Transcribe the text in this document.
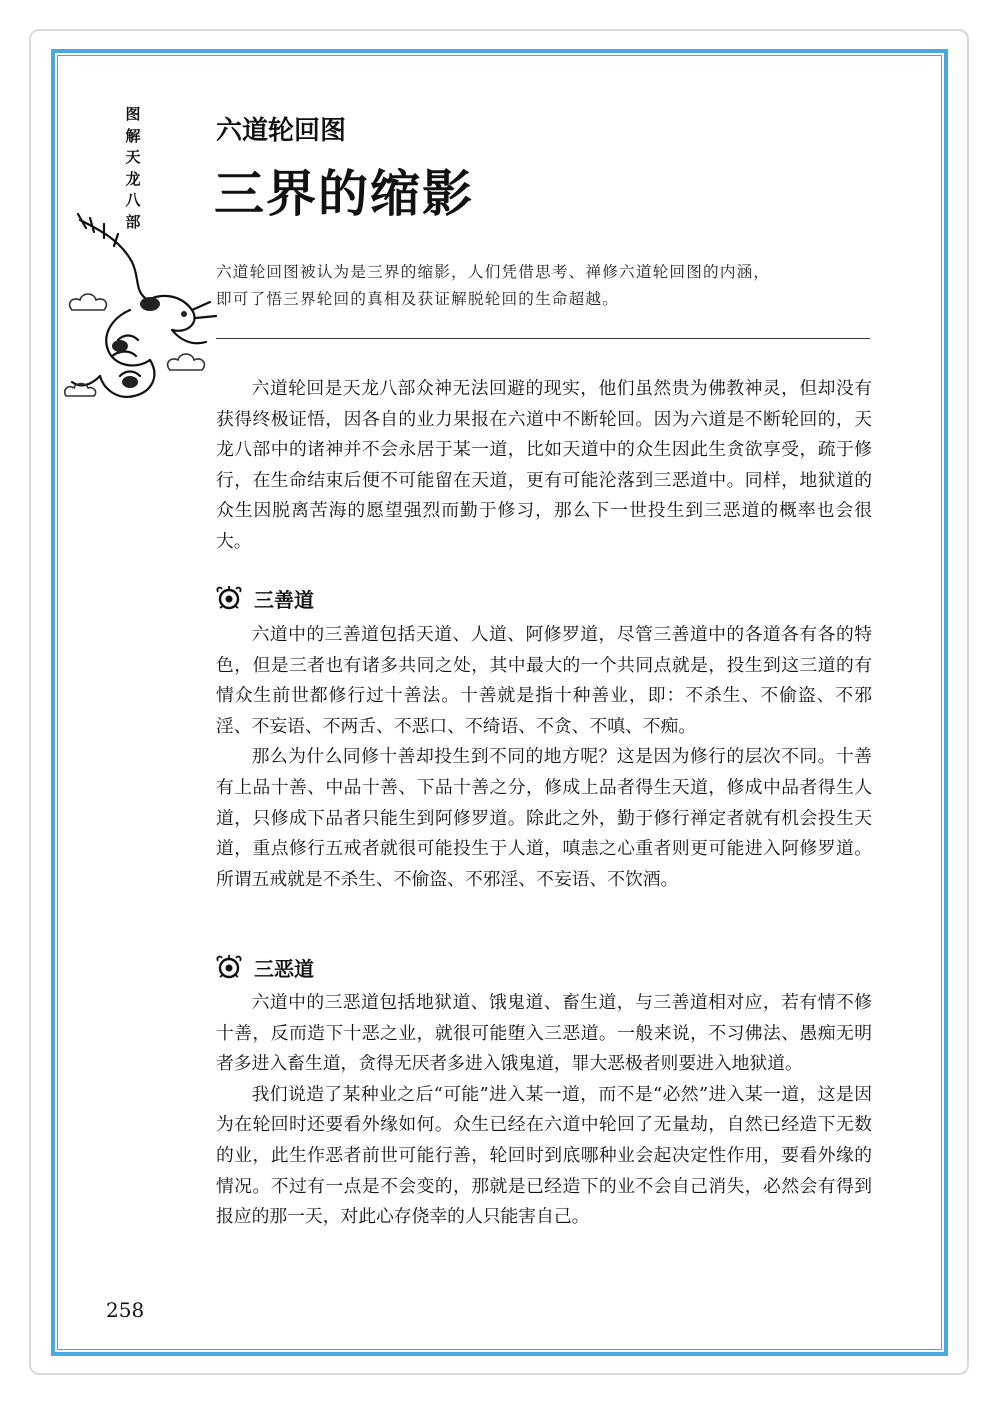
图
解
天
龙
八
部
六道轮回图
三界的缩影
六道轮回图被认为是三界的缩影，人们凭借思考、禅修六道轮回图的内涵，
即可了悟三界轮回的真相及获证解脱轮回的生命超越。

六道轮回是天龙八部众神无法回避的现实，他们虽然贵为佛教神灵，但却没有获得终极证悟，因各自的业力果报在六道中不断轮回。因为六道是不断轮回的，天龙八部中的诸神并不会永居于某一道，比如天道中的众生因此生贪欲享受，疏于修行，在生命结束后便不可能留在天道，更有可能沦落到三恶道中。同样，地狱道的众生因脱离苦海的愿望强烈而勤于修习，那么下一世投生到三恶道的概率也会很大。

三善道

六道中的三善道包括天道、人道、阿修罗道，尽管三善道中的各道各有各的特色，但是三者也有诸多共同之处，其中最大的一个共同点就是，投生到这三道的有情众生前世都修行过十善法。十善就是指十种善业，即：不杀生、不偷盗、不邪淫、不妄语、不两舌、不恶口、不绮语、不贪、不嗔、不痴。

那么为什么同修十善却投生到不同的地方呢？这是因为修行的层次不同。十善有上品十善、中品十善、下品十善之分，修成上品者得生天道，修成中品者得生人道，只修成下品者只能生到阿修罗道。除此之外，勤于修行禅定者就有机会投生天道，重点修行五戒者就很可能投生于人道，嗔恚之心重者则更可能进入阿修罗道。所谓五戒就是不杀生、不偷盗、不邪淫、不妄语、不饮酒。

三恶道

六道中的三恶道包括地狱道、饿鬼道、畜生道，与三善道相对应，若有情不修十善，反而造下十恶之业，就很可能堕入三恶道。一般来说，不习佛法、愚痴无明者多进入畜生道，贪得无厌者多进入饿鬼道，罪大恶极者则要进入地狱道。

我们说造了某种业之后“可能”进入某一道，而不是“必然”进入某一道，这是因为在轮回时还要看外缘如何。众生已经在六道中轮回了无量劫，自然已经造下无数的业，此生作恶者前世可能行善，轮回时到底哪种业会起决定性作用，要看外缘的情况。不过有一点是不会变的，那就是已经造下的业不会自己消失，必然会有得到报应的那一天，对此心存侥幸的人只能害自己。

258
